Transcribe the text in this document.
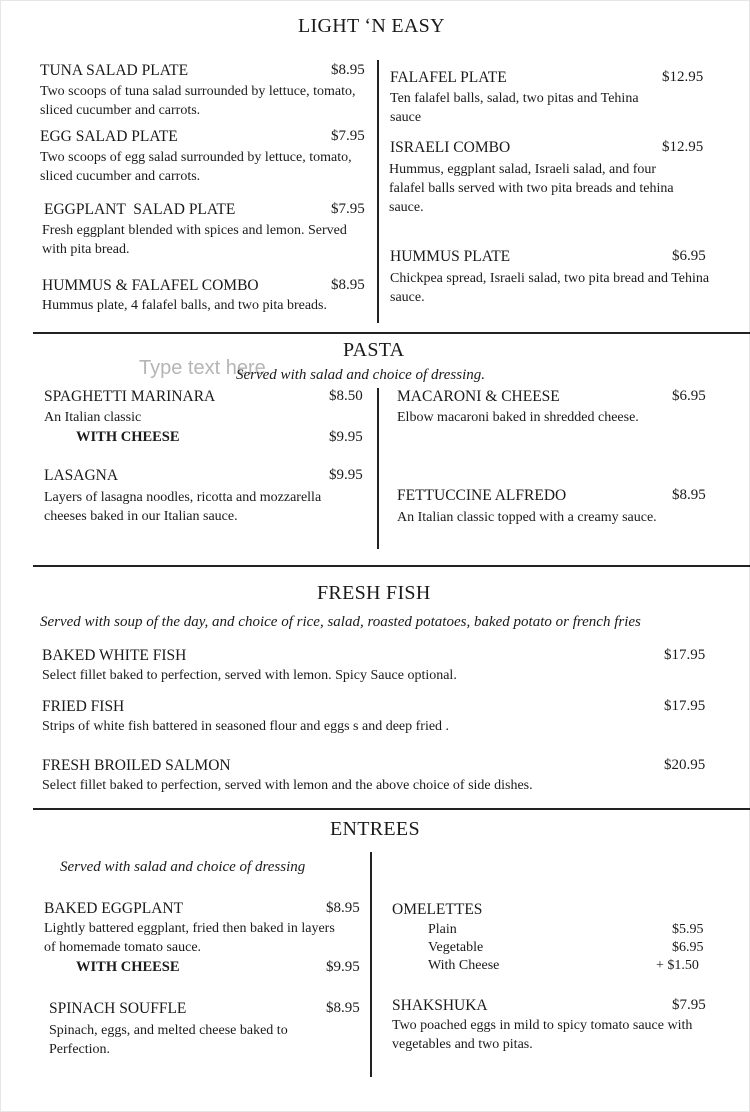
LIGHT ‘N EASY
TUNA SALAD PLATE	$8.95
Two scoops of tuna salad surrounded by lettuce, tomato, sliced cucumber and carrots.
EGG SALAD PLATE	$7.95
Two scoops of egg salad surrounded by lettuce, tomato, sliced cucumber and carrots.
EGGPLANT  SALAD PLATE	$7.95
Fresh eggplant blended with spices and lemon. Served with pita bread.
HUMMUS & FALAFEL COMBO	$8.95
Hummus plate, 4 falafel balls, and two pita breads.
FALAFEL PLATE	$12.95
Ten falafel balls, salad, two pitas and Tehina sauce
ISRAELI COMBO	$12.95
Hummus, eggplant salad, Israeli salad, and four falafel balls served with two pita breads and tehina sauce.
HUMMUS PLATE	$6.95
Chickpea spread, Israeli salad, two pita bread and Tehina sauce.
PASTA
Type text here
Served with salad and choice of dressing.
SPAGHETTI MARINARA	$8.50
An Italian classic
WITH CHEESE	$9.95
LASAGNA	$9.95
Layers of lasagna noodles, ricotta and mozzarella cheeses baked in our Italian sauce.
MACARONI & CHEESE	$6.95
Elbow macaroni baked in shredded cheese.
FETTUCCINE ALFREDO	$8.95
An Italian classic topped with a creamy sauce.
FRESH FISH
Served with soup of the day, and choice of rice, salad, roasted potatoes, baked potato or french fries
BAKED WHITE FISH	$17.95
Select fillet baked to perfection, served with lemon. Spicy Sauce optional.
FRIED FISH	$17.95
Strips of white fish battered in seasoned flour and eggs s and deep fried .
FRESH BROILED SALMON	$20.95
Select fillet baked to perfection, served with lemon and the above choice of side dishes.
ENTREES
Served with salad and choice of dressing
BAKED EGGPLANT	$8.95
Lightly battered eggplant, fried then baked in layers of homemade tomato sauce.
WITH CHEESE	$9.95
SPINACH SOUFFLE	$8.95
Spinach, eggs, and melted cheese baked to Perfection.
OMELETTES
Plain	$5.95
Vegetable	$6.95
With Cheese	+ $1.50
SHAKSHUKA	$7.95
Two poached eggs in mild to spicy tomato sauce with vegetables and two pitas.
